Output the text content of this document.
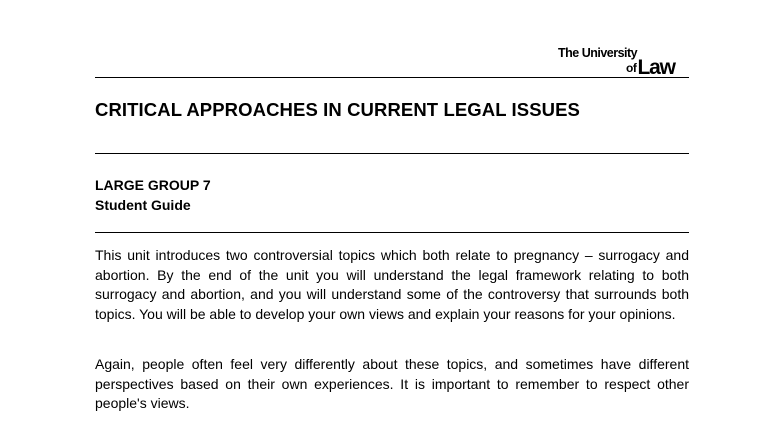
The University
ofLaw
CRITICAL APPROACHES IN CURRENT LEGAL ISSUES
LARGE GROUP 7
Student Guide

This unit introduces two controversial topics which both relate to pregnancy – surrogacy and abortion. By the end of the unit you will understand the legal framework relating to both surrogacy and abortion, and you will understand some of the controversy that surrounds both topics. You will be able to develop your own views and explain your reasons for your opinions.

Again, people often feel very differently about these topics, and sometimes have different perspectives based on their own experiences. It is important to remember to respect other people's views.
